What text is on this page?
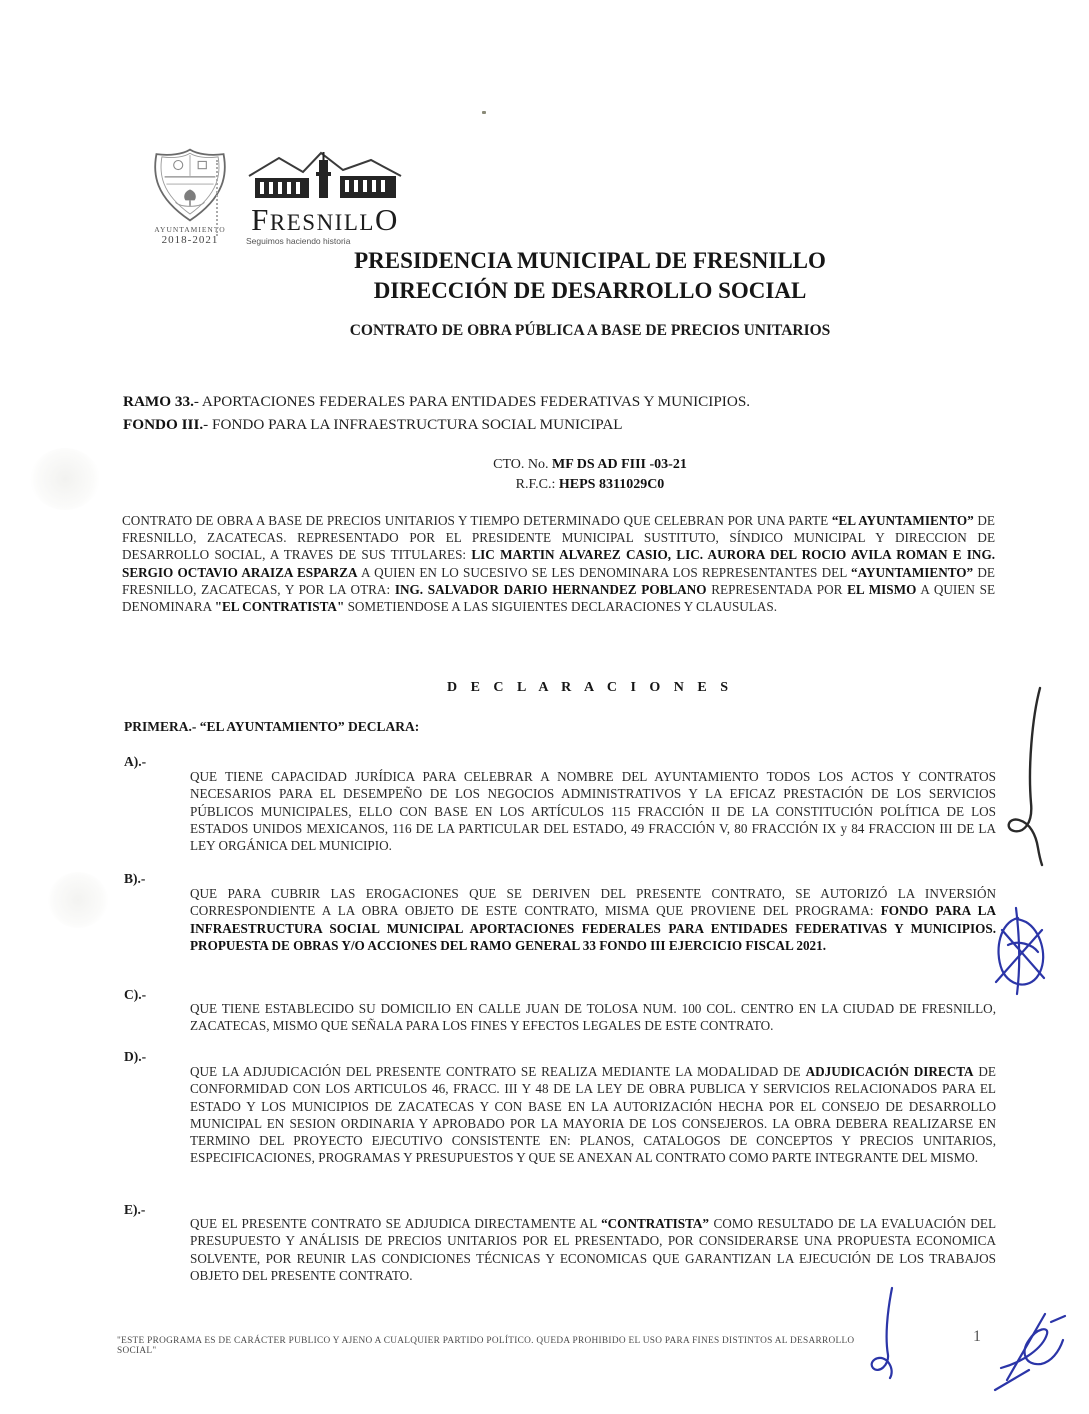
AYUNTAMIENTO
2018-2021
FRESNILLO
Seguimos haciendo historia
PRESIDENCIA MUNICIPAL DE FRESNILLO
DIRECCIÓN DE DESARROLLO SOCIAL
CONTRATO DE OBRA PÚBLICA A BASE DE PRECIOS UNITARIOS
RAMO 33.- APORTACIONES FEDERALES PARA ENTIDADES FEDERATIVAS Y MUNICIPIOS.
FONDO III.- FONDO PARA LA INFRAESTRUCTURA SOCIAL MUNICIPAL
CTO. No. MF DS AD FIII -03-21
R.F.C.: HEPS 8311029C0
CONTRATO DE OBRA A BASE DE PRECIOS UNITARIOS Y TIEMPO DETERMINADO QUE CELEBRAN POR UNA PARTE “EL AYUNTAMIENTO” DE FRESNILLO, ZACATECAS. REPRESENTADO POR EL PRESIDENTE MUNICIPAL SUSTITUTO, SÍNDICO MUNICIPAL Y DIRECCION DE DESARROLLO SOCIAL, A TRAVES DE SUS TITULARES: LIC MARTIN ALVAREZ CASIO, LIC. AURORA DEL ROCIO AVILA ROMAN E ING. SERGIO OCTAVIO ARAIZA ESPARZA A QUIEN EN LO SUCESIVO SE LES DENOMINARA LOS REPRESENTANTES DEL “AYUNTAMIENTO” DE FRESNILLO, ZACATECAS, Y POR LA OTRA: ING. SALVADOR DARIO HERNANDEZ POBLANO REPRESENTADA POR EL MISMO A QUIEN SE DENOMINARA "EL CONTRATISTA" SOMETIENDOSE A LAS SIGUIENTES DECLARACIONES Y CLAUSULAS.
D E C L A R A C I O N E S
PRIMERA.- “EL AYUNTAMIENTO” DECLARA:
A).-
QUE TIENE CAPACIDAD JURÍDICA PARA CELEBRAR A NOMBRE DEL AYUNTAMIENTO TODOS LOS ACTOS Y CONTRATOS NECESARIOS PARA EL DESEMPEÑO DE LOS NEGOCIOS ADMINISTRATIVOS Y LA EFICAZ PRESTACIÓN DE LOS SERVICIOS PÚBLICOS MUNICIPALES, ELLO CON BASE EN LOS ARTÍCULOS 115 FRACCIÓN II DE LA CONSTITUCIÓN POLÍTICA DE LOS ESTADOS UNIDOS MEXICANOS, 116 DE LA PARTICULAR DEL ESTADO, 49 FRACCIÓN V, 80 FRACCIÓN IX y 84 FRACCION III DE LA LEY ORGÁNICA DEL MUNICIPIO.
B).-
QUE PARA CUBRIR LAS EROGACIONES QUE SE DERIVEN DEL PRESENTE CONTRATO, SE AUTORIZÓ LA INVERSIÓN CORRESPONDIENTE A LA OBRA OBJETO DE ESTE CONTRATO, MISMA QUE PROVIENE DEL PROGRAMA: FONDO PARA LA INFRAESTRUCTURA SOCIAL MUNICIPAL APORTACIONES FEDERALES PARA ENTIDADES FEDERATIVAS Y MUNICIPIOS. PROPUESTA DE OBRAS Y/O ACCIONES DEL RAMO GENERAL 33 FONDO III EJERCICIO FISCAL 2021.
C).-
QUE TIENE ESTABLECIDO SU DOMICILIO EN CALLE JUAN DE TOLOSA NUM. 100 COL. CENTRO EN LA CIUDAD DE FRESNILLO, ZACATECAS, MISMO QUE SEÑALA PARA LOS FINES Y EFECTOS LEGALES DE ESTE CONTRATO.
D).-
QUE LA ADJUDICACIÓN DEL PRESENTE CONTRATO SE REALIZA MEDIANTE LA MODALIDAD DE ADJUDICACIÓN DIRECTA DE CONFORMIDAD CON LOS ARTICULOS 46, FRACC. III Y 48 DE LA LEY DE OBRA PUBLICA Y SERVICIOS RELACIONADOS PARA EL ESTADO Y LOS MUNICIPIOS DE ZACATECAS Y CON BASE EN LA AUTORIZACIÓN HECHA POR EL CONSEJO DE DESARROLLO MUNICIPAL EN SESION ORDINARIA Y APROBADO POR LA MAYORIA DE LOS CONSEJEROS. LA OBRA DEBERA REALIZARSE EN TERMINO DEL PROYECTO EJECUTIVO CONSISTENTE EN: PLANOS, CATALOGOS DE CONCEPTOS Y PRECIOS UNITARIOS, ESPECIFICACIONES, PROGRAMAS Y PRESUPUESTOS Y QUE SE ANEXAN AL CONTRATO COMO PARTE INTEGRANTE DEL MISMO.
E).-
QUE EL PRESENTE CONTRATO SE ADJUDICA DIRECTAMENTE AL “CONTRATISTA” COMO RESULTADO DE LA EVALUACIÓN DEL PRESUPUESTO Y ANÁLISIS DE PRECIOS UNITARIOS POR EL PRESENTADO, POR CONSIDERARSE UNA PROPUESTA ECONOMICA SOLVENTE, POR REUNIR LAS CONDICIONES TÉCNICAS Y ECONOMICAS QUE GARANTIZAN LA EJECUCIÓN DE LOS TRABAJOS OBJETO DEL PRESENTE CONTRATO.
"ESTE PROGRAMA ES DE CARÁCTER PUBLICO Y AJENO A CUALQUIER PARTIDO POLÍTICO. QUEDA PROHIBIDO EL USO PARA FINES DISTINTOS AL DESARROLLO SOCIAL"
1
